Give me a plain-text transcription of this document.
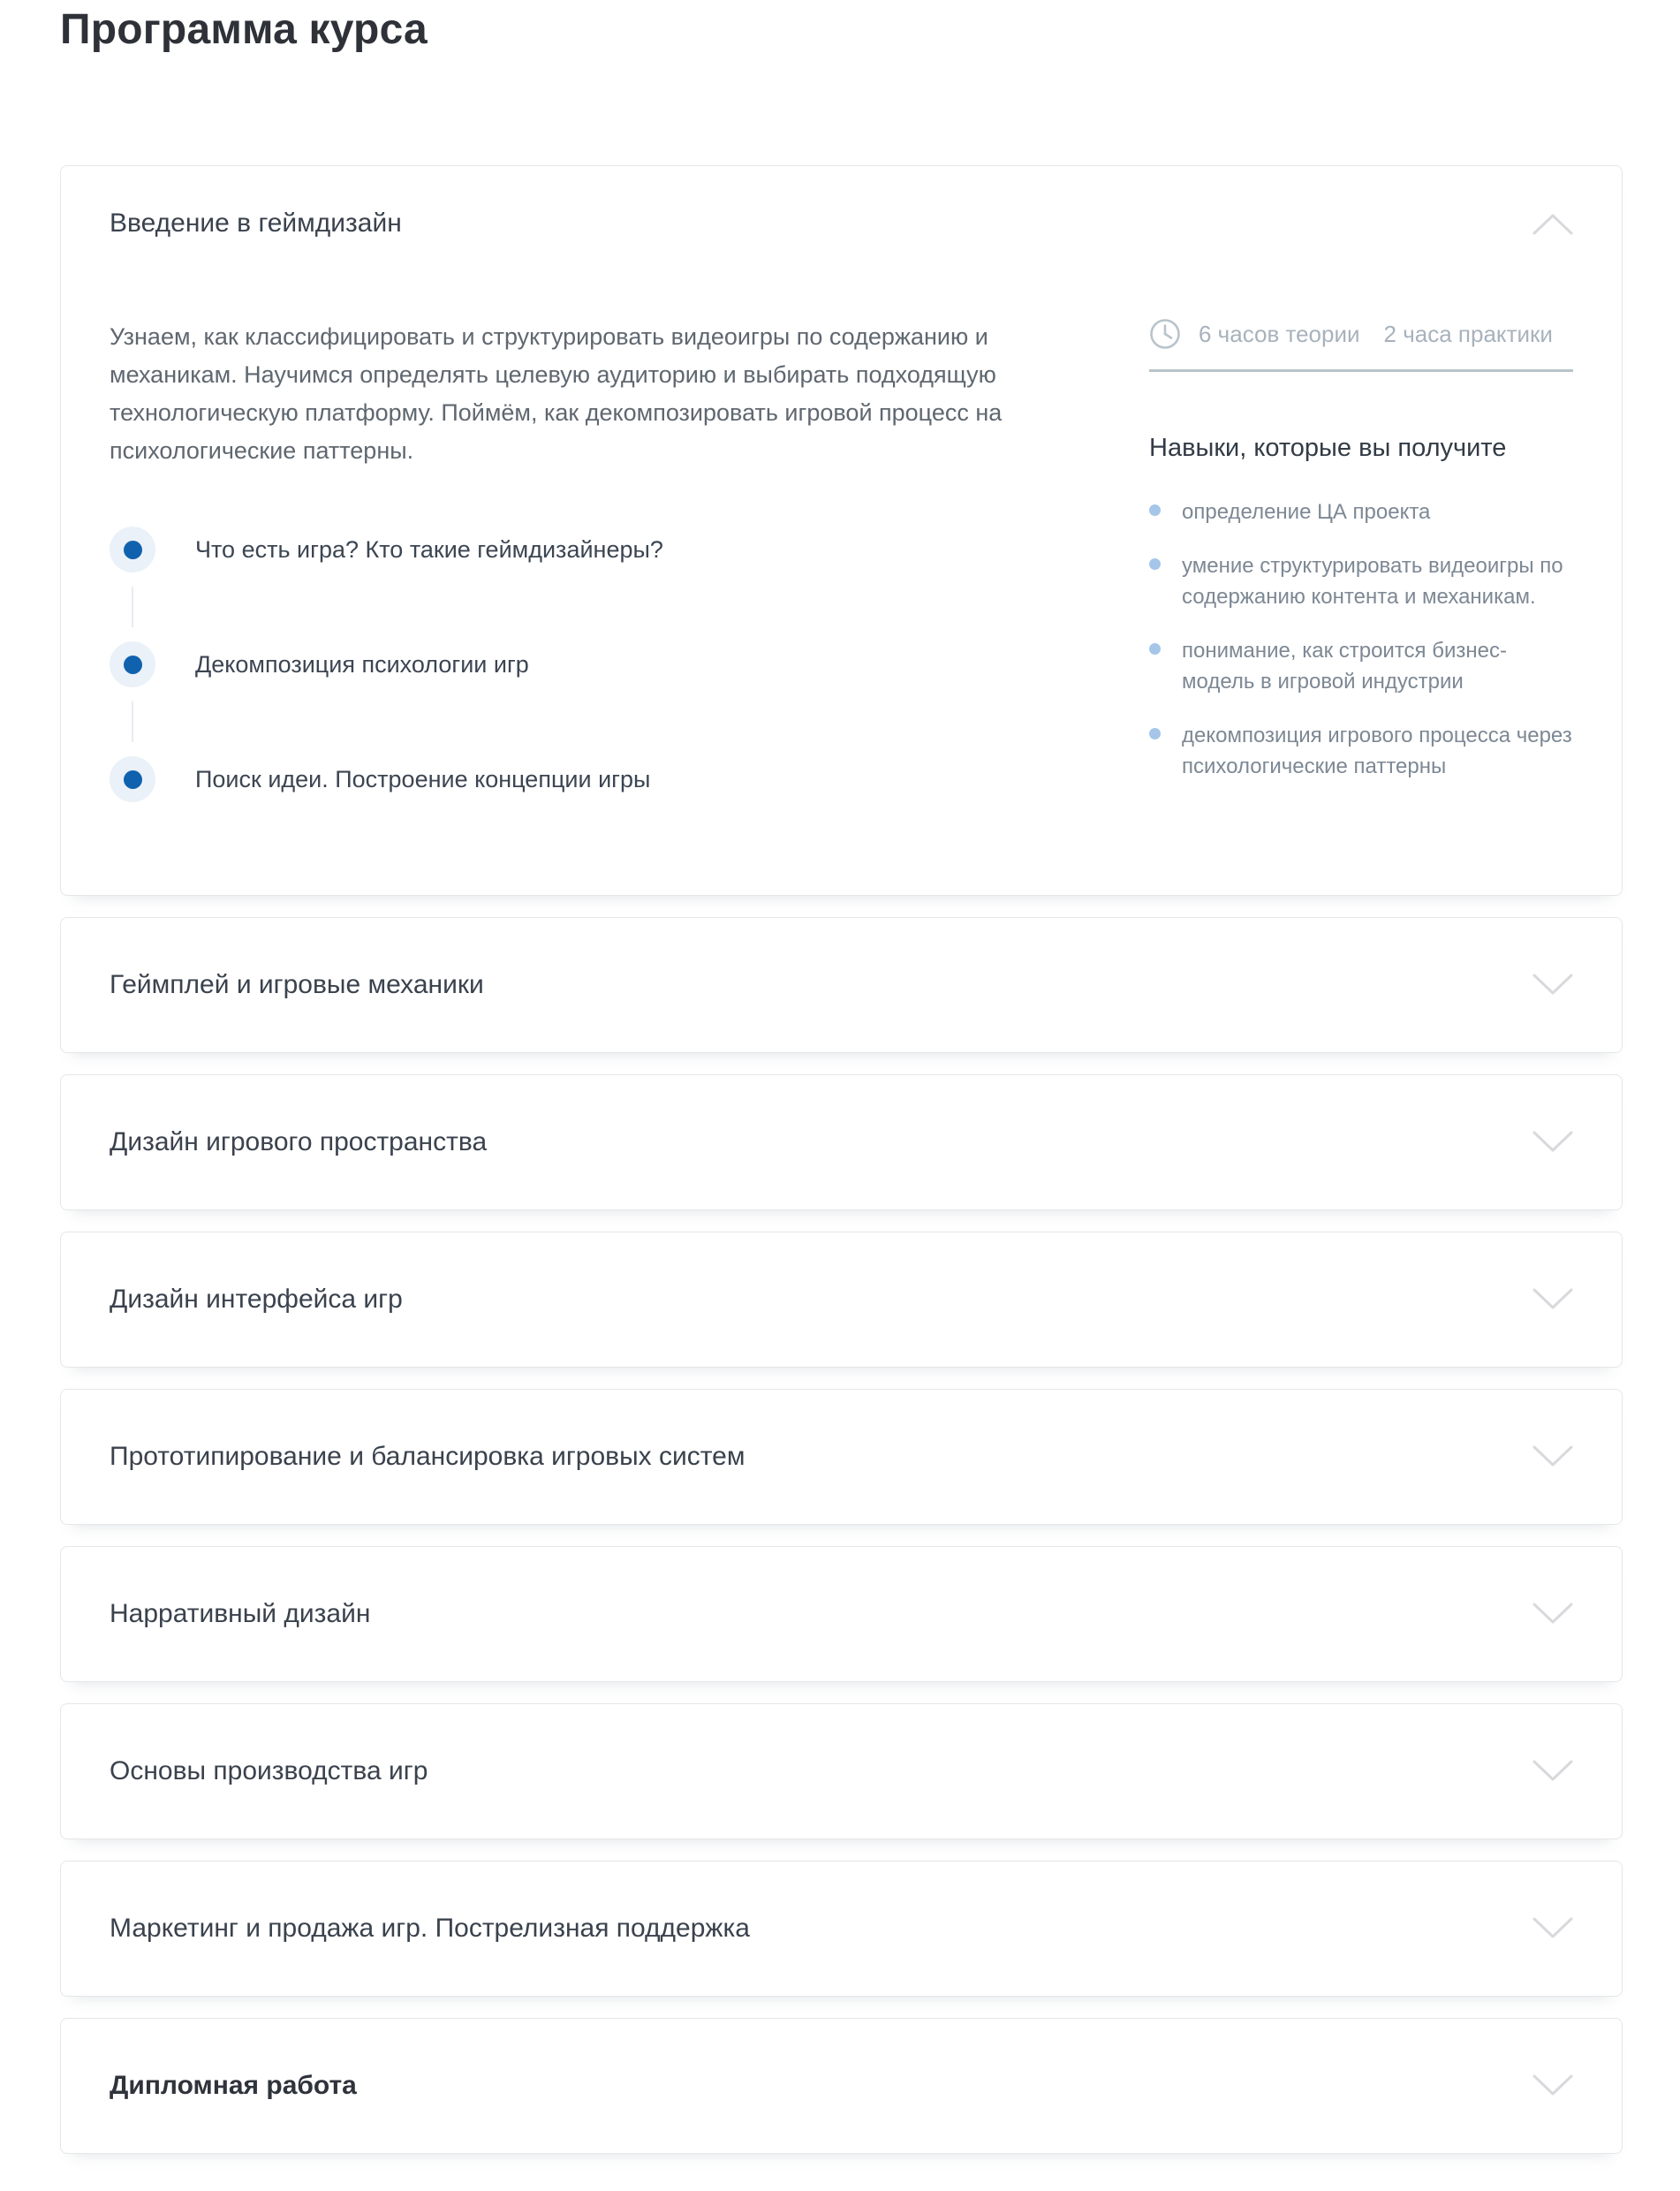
Программа курса
Введение в геймдизайн

Узнаем, как классифицировать и структурировать видеоигры по содержанию и механикам. Научимся определять целевую аудиторию и выбирать подходящую технологическую платформу. Поймём, как декомпозировать игровой процесс на психологические паттерны.

Что есть игра? Кто такие геймдизайнеры?
Декомпозиция психологии игр
Поиск идеи. Построение концепции игры
6 часов теории 2 часа практики
Навыки, которые вы получите
определение ЦА проекта
умение структурировать видеоигры по содержанию контента и механикам.
понимание, как строится бизнес-модель в игровой индустрии
декомпозиция игрового процесса через психологические паттерны
Геймплей и игровые механики
Дизайн игрового пространства
Дизайн интерфейса игр
Прототипирование и балансировка игровых систем
Нарративный дизайн
Основы производства игр
Маркетинг и продажа игр. Пострелизная поддержка
Дипломная работа
